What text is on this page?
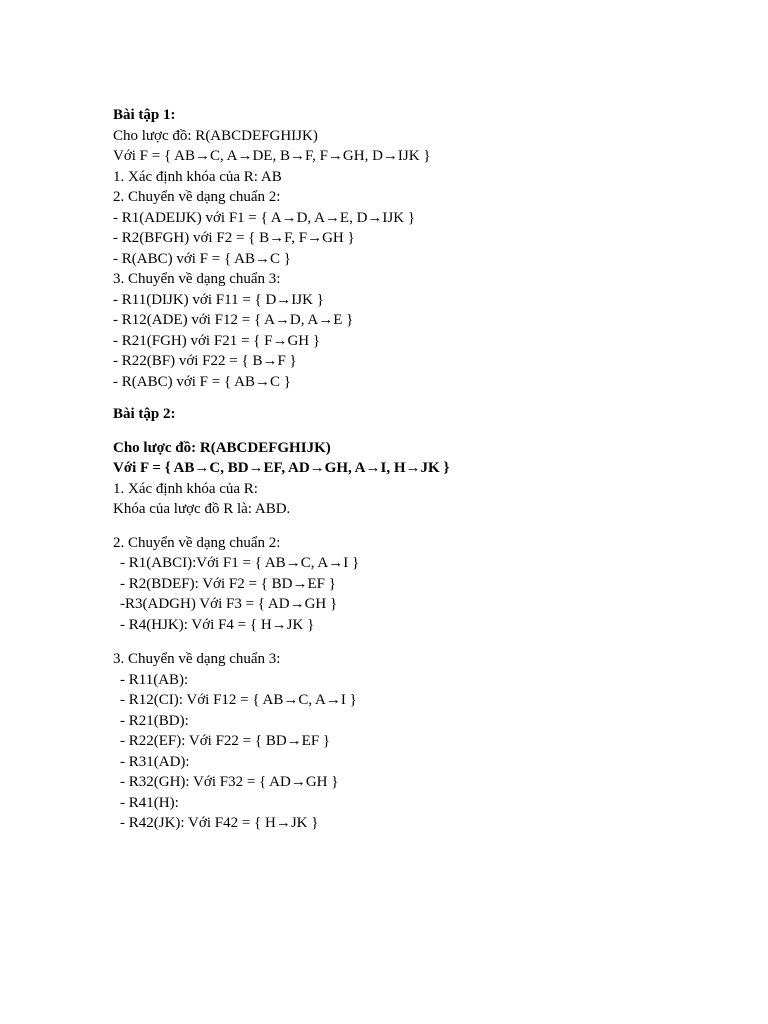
Bài tập 1:
Cho lược đồ: R(ABCDEFGHIJK)
Với F = { AB→C, A→DE, B→F, F→GH, D→IJK }
1. Xác định khóa của R: AB
2. Chuyển về dạng chuẩn 2:
- R1(ADEIJK) với F1 = { A→D, A→E, D→IJK }
- R2(BFGH) với F2 = { B→F, F→GH }
- R(ABC) với F = { AB→C }
3. Chuyển về dạng chuẩn 3:
- R11(DIJK) với F11 = { D→IJK }
- R12(ADE) với F12 = { A→D, A→E }
- R21(FGH) với F21 = { F→GH }
- R22(BF) với F22 = { B→F }
- R(ABC) với F = { AB→C }
Bài tập 2:
Cho lược đồ: R(ABCDEFGHIJK)
Với F = { AB→C, BD→EF, AD→GH, A→I, H→JK }
1. Xác định khóa của R:
Khóa của lược đồ R là: ABD.
2. Chuyển về dạng chuẩn 2:
- R1(ABCI):Với F1 = { AB→C, A→I }
- R2(BDEF): Với F2 = { BD→EF }
-R3(ADGH) Với F3 = { AD→GH }
- R4(HJK): Với F4 = { H→JK }
3. Chuyển về dạng chuẩn 3:
- R11(AB):
- R12(CI): Với F12 = { AB→C, A→I }
- R21(BD):
- R22(EF): Với F22 = { BD→EF }
- R31(AD):
- R32(GH): Với F32 = { AD→GH }
- R41(H):
- R42(JK): Với F42 = { H→JK }
